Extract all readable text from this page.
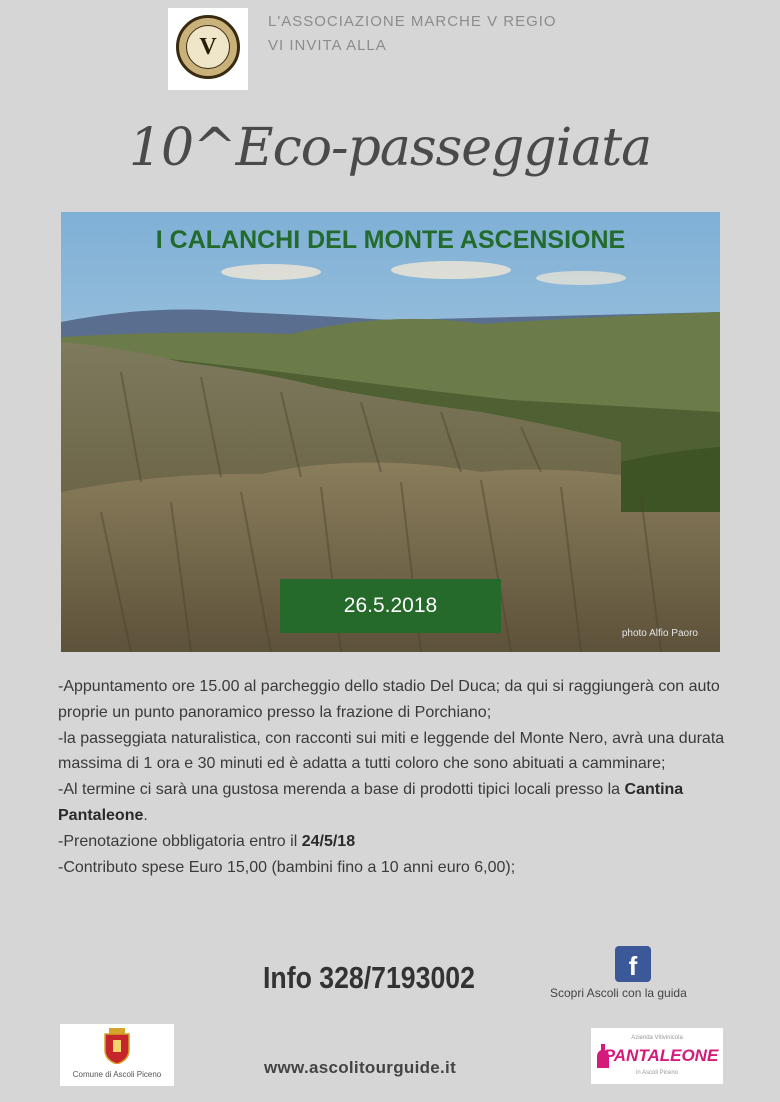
V
L'ASSOCIAZIONE MARCHE V REGIO
VI INVITA ALLA
10^Eco-passeggiata
I CALANCHI DEL MONTE ASCENSIONE
26.5.2018
photo Alfio Paoro

-Appuntamento ore 15.00 al parcheggio dello stadio Del Duca; da qui si raggiungerà con auto proprie un punto panoramico presso la frazione di Porchiano;

-la passeggiata naturalistica, con racconti sui miti e leggende del Monte Nero, avrà una durata massima di 1 ora e 30 minuti ed è adatta a tutti coloro che sono abituati a camminare;

-Al termine ci sarà una gustosa merenda a base di prodotti tipici locali presso la Cantina Pantaleone.

-Prenotazione obbligatoria entro il 24/5/18

-Contributo spese Euro 15,00 (bambini fino a 10 anni euro 6,00);

Info 328/7193002	f
Scopri Ascoli con la guida
Comune di Ascoli Piceno	www.ascolitourguide.it
Azienda Vitivinicola
PANTALEONE
in Ascoli Piceno
